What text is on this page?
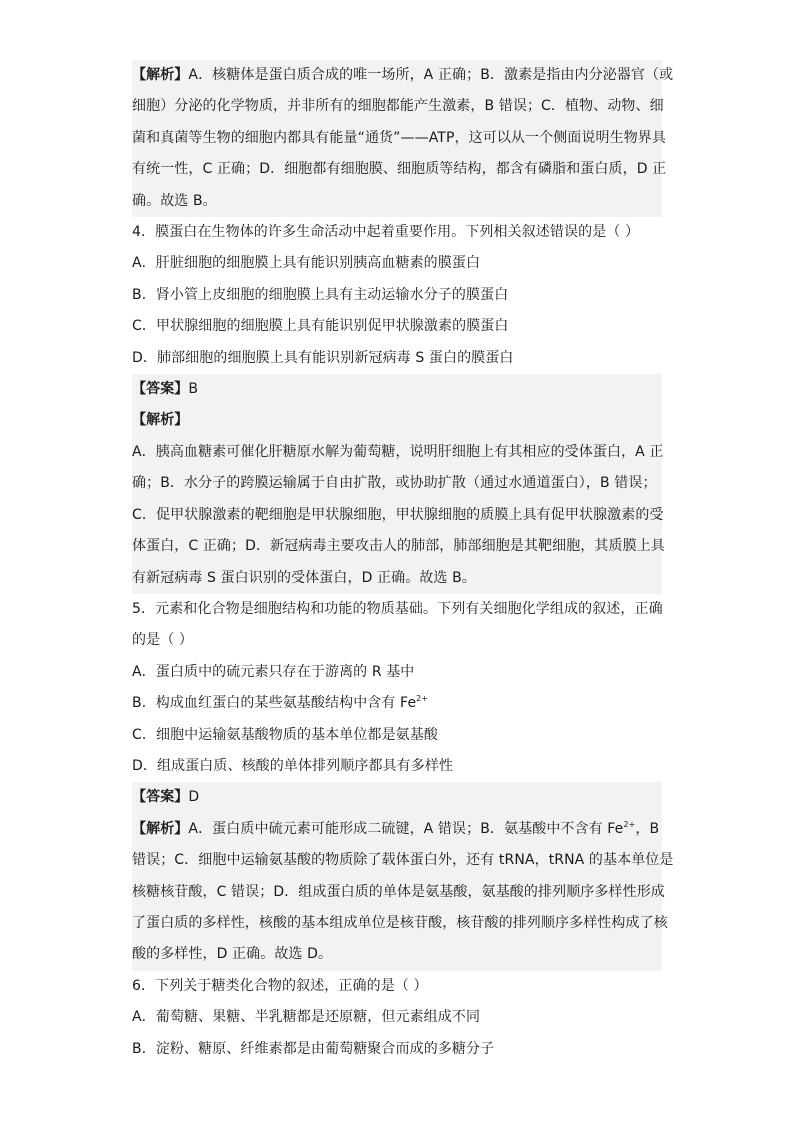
【解析】A．核糖体是蛋白质合成的唯一场所，A 正确；B．激素是指由内分泌器官（或

细胞）分泌的化学物质，并非所有的细胞都能产生激素，B 错误；C．植物、动物、细

菌和真菌等生物的细胞内都具有能量“通货”——ATP，这可以从一个侧面说明生物界具

有统一性，C 正确；D．细胞都有细胞膜、细胞质等结构，都含有磷脂和蛋白质，D 正

确。故选 B。

4．膜蛋白在生物体的许多生命活动中起着重要作用。下列相关叙述错误的是（ ）

A．肝脏细胞的细胞膜上具有能识别胰高血糖素的膜蛋白

B．肾小管上皮细胞的细胞膜上具有主动运输水分子的膜蛋白

C．甲状腺细胞的细胞膜上具有能识别促甲状腺激素的膜蛋白

D．肺部细胞的细胞膜上具有能识别新冠病毒 S 蛋白的膜蛋白

【答案】B

【解析】

A．胰高血糖素可催化肝糖原水解为葡萄糖，说明肝细胞上有其相应的受体蛋白，A 正

确；B．水分子的跨膜运输属于自由扩散，或协助扩散（通过水通道蛋白），B 错误；

C．促甲状腺激素的靶细胞是甲状腺细胞，甲状腺细胞的质膜上具有促甲状腺激素的受

体蛋白，C 正确；D．新冠病毒主要攻击人的肺部，肺部细胞是其靶细胞，其质膜上具

有新冠病毒 S 蛋白识别的受体蛋白，D 正确。故选 B。

5．元素和化合物是细胞结构和功能的物质基础。下列有关细胞化学组成的叙述，正确

的是（ ）

A．蛋白质中的硫元素只存在于游离的 R 基中

B．构成血红蛋白的某些氨基酸结构中含有 $Fe^{2+}$

C．细胞中运输氨基酸物质的基本单位都是氨基酸

D．组成蛋白质、核酸的单体排列顺序都具有多样性

【答案】D

【解析】A．蛋白质中硫元素可能形成二硫键，A 错误；B．氨基酸中不含有 $Fe^{2+}$，B

错误；C．细胞中运输氨基酸的物质除了载体蛋白外，还有 tRNA，tRNA 的基本单位是

核糖核苷酸，C 错误；D．组成蛋白质的单体是氨基酸，氨基酸的排列顺序多样性形成

了蛋白质的多样性，核酸的基本组成单位是核苷酸，核苷酸的排列顺序多样性构成了核

酸的多样性，D 正确。故选 D。

6．下列关于糖类化合物的叙述，正确的是（ ）

A．葡萄糖、果糖、半乳糖都是还原糖，但元素组成不同

B．淀粉、糖原、纤维素都是由葡萄糖聚合而成的多糖分子
